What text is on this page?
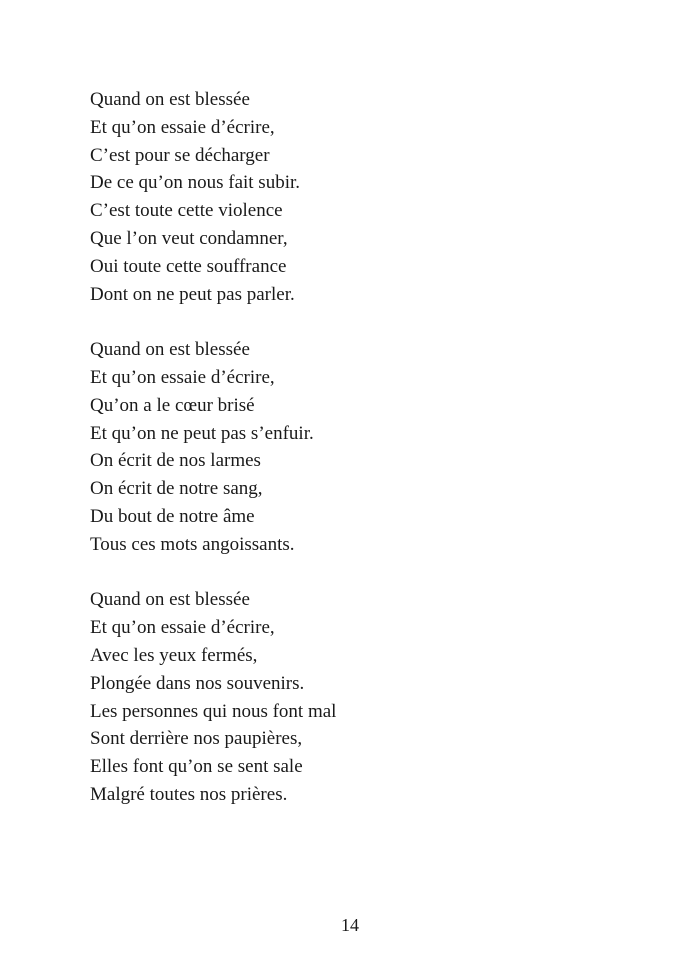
Quand on est blessée
Et qu’on essaie d’écrire,
C’est pour se décharger
De ce qu’on nous fait subir.
C’est toute cette violence
Que l’on veut condamner,
Oui toute cette souffrance
Dont on ne peut pas parler.
Quand on est blessée
Et qu’on essaie d’écrire,
Qu’on a le cœur brisé
Et qu’on ne peut pas s’enfuir.
On écrit de nos larmes
On écrit de notre sang,
Du bout de notre âme
Tous ces mots angoissants.
Quand on est blessée
Et qu’on essaie d’écrire,
Avec les yeux fermés,
Plongée dans nos souvenirs.
Les personnes qui nous font mal
Sont derrière nos paupières,
Elles font qu’on se sent sale
Malgré toutes nos prières.
14
